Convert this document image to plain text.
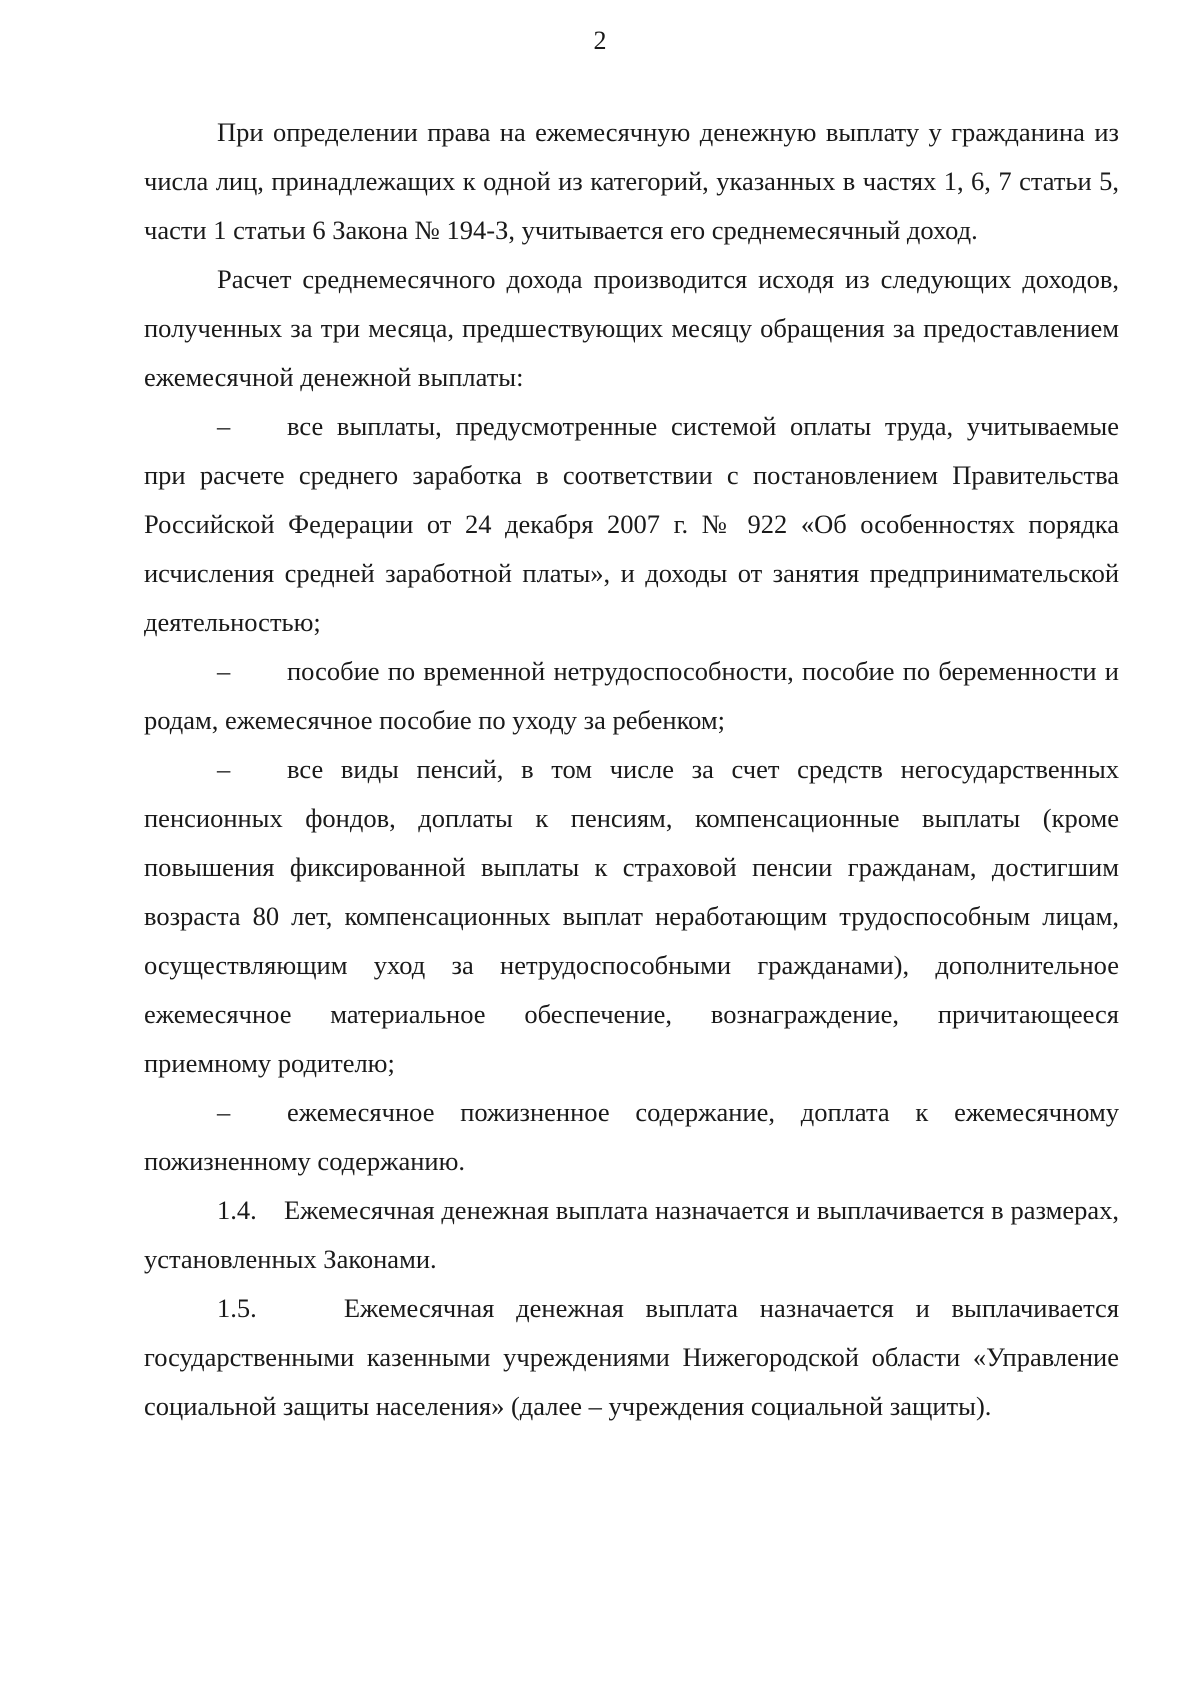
2

При определении права на ежемесячную денежную выплату у гражданина из числа лиц, принадлежащих к одной из категорий, указанных в частях 1, 6, 7 статьи 5, части 1 статьи 6 Закона № 194-З, учитывается его среднемесячный доход.

Расчет среднемесячного дохода производится исходя из следующих доходов, полученных за три месяца, предшествующих месяцу обращения за предоставлением ежемесячной денежной выплаты:

– все выплаты, предусмотренные системой оплаты труда, учитываемые при расчете среднего заработка в соответствии с постановлением Правительства Российской Федерации от 24 декабря 2007 г. № 922 «Об особенностях порядка исчисления средней заработной платы», и доходы от занятия предпринимательской деятельностью;

– пособие по временной нетрудоспособности, пособие по беременности и родам, ежемесячное пособие по уходу за ребенком;

– все виды пенсий, в том числе за счет средств негосударственных пенсионных фондов, доплаты к пенсиям, компенсационные выплаты (кроме повышения фиксированной выплаты к страховой пенсии гражданам, достигшим возраста 80 лет, компенсационных выплат неработающим трудоспособным лицам, осуществляющим уход за нетрудоспособными гражданами), дополнительное ежемесячное материальное обеспечение, вознаграждение, причитающееся приемному родителю;

– ежемесячное пожизненное содержание, доплата к ежемесячному пожизненному содержанию.

1.4. Ежемесячная денежная выплата назначается и выплачивается в размерах, установленных Законами.

1.5.	Ежемесячная денежная выплата назначается и выплачивается государственными казенными учреждениями Нижегородской области «Управление социальной защиты населения» (далее – учреждения социальной защиты).
